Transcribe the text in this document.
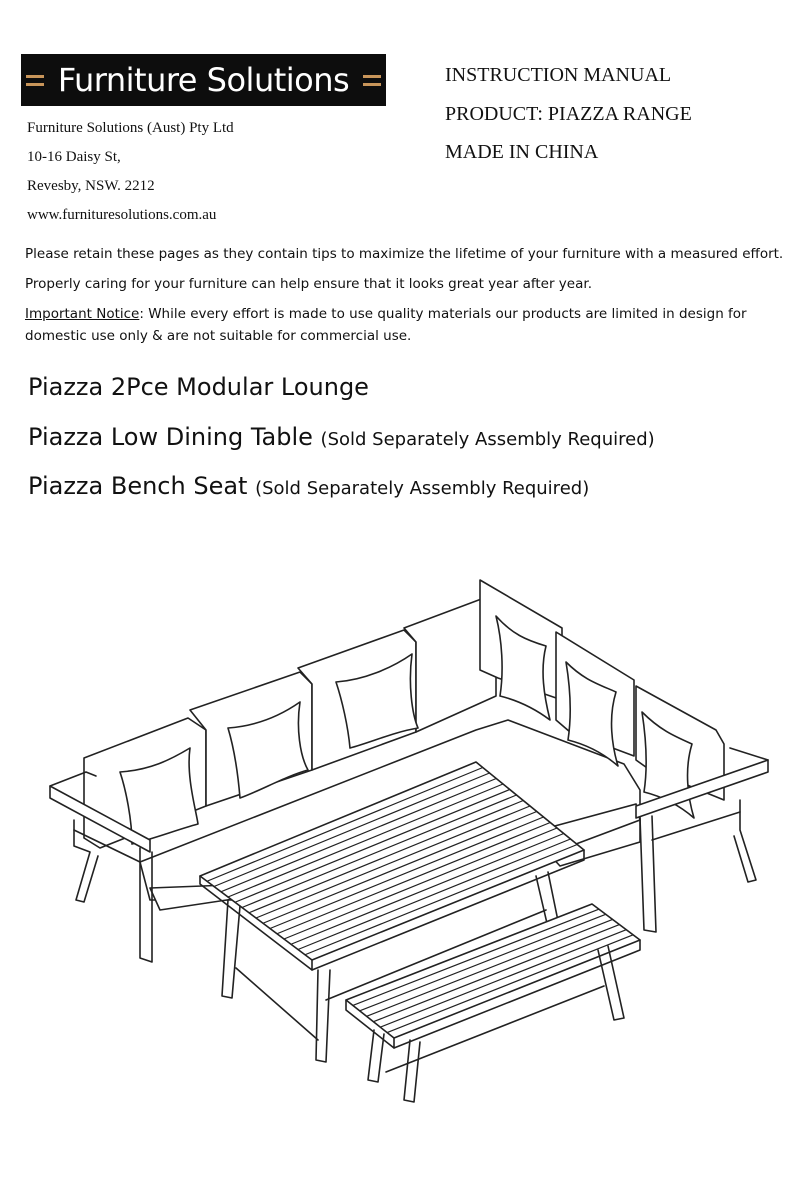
Furniture Solutions
Furniture Solutions (Aust) Pty Ltd
10-16 Daisy St,
Revesby, NSW. 2212
www.furnituresolutions.com.au
INSTRUCTION MANUAL
PRODUCT: PIAZZA RANGE
MADE IN CHINA
Please retain these pages as they contain tips to maximize the lifetime of your furniture with a measured effort.
Properly caring for your furniture can help ensure that it looks great year after year.
Important Notice: While every effort is made to use quality materials our products are limited in design for domestic use only & are not suitable for commercial use.
Piazza 2Pce Modular Lounge
Piazza Low Dining Table (Sold Separately Assembly Required)
Piazza Bench Seat (Sold Separately Assembly Required)
